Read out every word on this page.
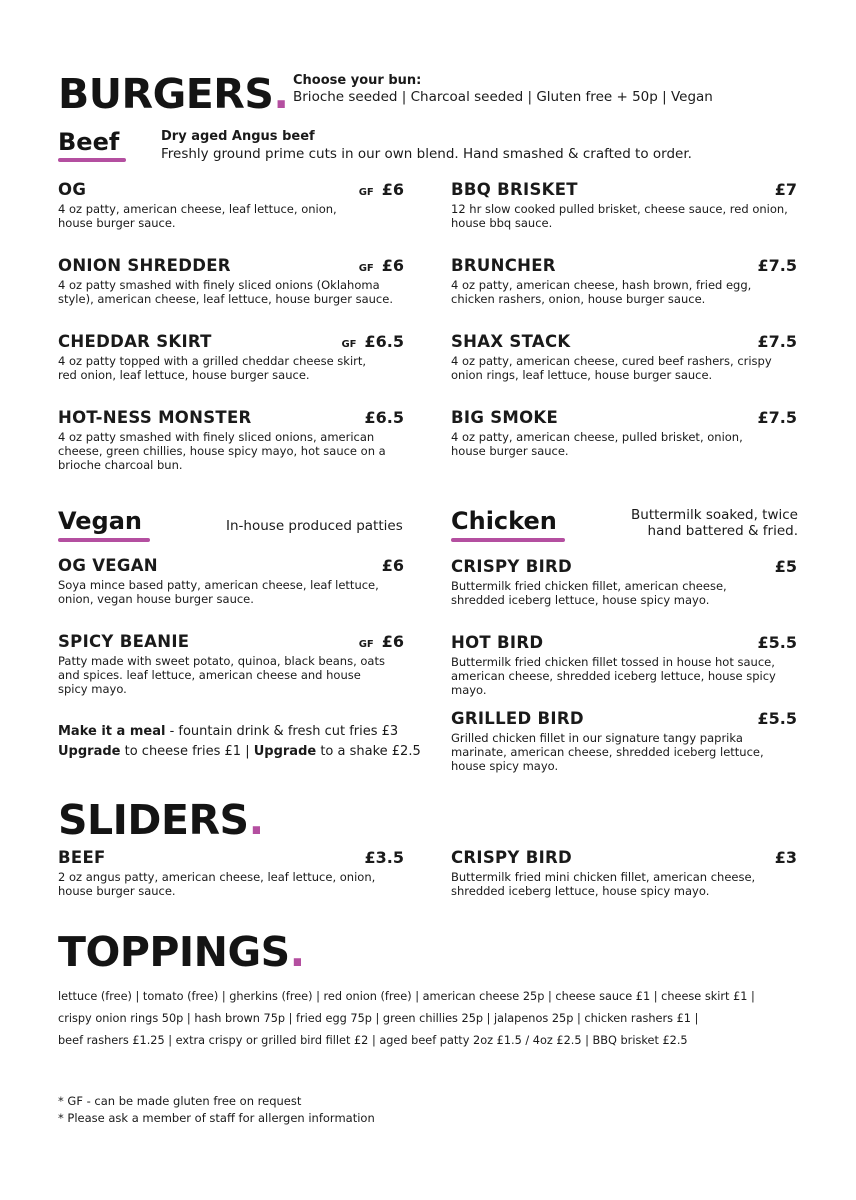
BURGERS. Choose your bun:
Brioche seeded | Charcoal seeded | Gluten free + 50p | Vegan
Beef	Dry aged Angus beef
Freshly ground prime cuts in our own blend. Hand smashed & crafted to order.
OG	GF £6
4 oz patty, american cheese, leaf lettuce, onion, house burger sauce.
BBQ BRISKET	£7
12 hr slow cooked pulled brisket, cheese sauce, red onion, house bbq sauce.
ONION SHREDDER	GF £6
4 oz patty smashed with finely sliced onions (Oklahoma style), american cheese, leaf lettuce, house burger sauce.
BRUNCHER	£7.5
4 oz patty, american cheese, hash brown, fried egg, chicken rashers, onion, house burger sauce.
CHEDDAR SKIRT	GF £6.5
4 oz patty topped with a grilled cheddar cheese skirt, red onion, leaf lettuce, house burger sauce.
SHAX STACK	£7.5
4 oz patty, american cheese, cured beef rashers, crispy onion rings, leaf lettuce, house burger sauce.
HOT-NESS MONSTER	£6.5
4 oz patty smashed with finely sliced onions, american cheese, green chillies, house spicy mayo, hot sauce on a brioche charcoal bun.
BIG SMOKE	£7.5
4 oz patty, american cheese, pulled brisket, onion, house burger sauce.
Vegan	In-house produced patties
OG VEGAN	£6
Soya mince based patty, american cheese, leaf lettuce, onion, vegan house burger sauce.
SPICY BEANIE	GF £6
Patty made with sweet potato, quinoa, black beans, oats and spices. leaf lettuce, american cheese and house spicy mayo.
Make it a meal - fountain drink & fresh cut fries £3
Upgrade to cheese fries £1 | Upgrade to a shake £2.5
Chicken	Buttermilk soaked, twice
hand battered & fried.
CRISPY BIRD	£5
Buttermilk fried chicken fillet, american cheese, shredded iceberg lettuce, house spicy mayo.
HOT BIRD	£5.5
Buttermilk fried chicken fillet tossed in house hot sauce, american cheese, shredded iceberg lettuce, house spicy mayo.
GRILLED BIRD	£5.5
Grilled chicken fillet in our signature tangy paprika marinate, american cheese, shredded iceberg lettuce, house spicy mayo.
SLIDERS.
BEEF	£3.5
2 oz angus patty, american cheese, leaf lettuce, onion, house burger sauce.
CRISPY BIRD	£3
Buttermilk fried mini chicken fillet, american cheese, shredded iceberg lettuce, house spicy mayo.
TOPPINGS.
lettuce (free) | tomato (free) | gherkins (free) | red onion (free) | american cheese 25p | cheese sauce £1 | cheese skirt £1 |
crispy onion rings 50p | hash brown 75p | fried egg 75p | green chillies 25p | jalapenos 25p | chicken rashers £1 |
beef rashers £1.25 | extra crispy or grilled bird fillet £2 | aged beef patty 2oz £1.5 / 4oz £2.5 | BBQ brisket £2.5
* GF - can be made gluten free on request
* Please ask a member of staff for allergen information
